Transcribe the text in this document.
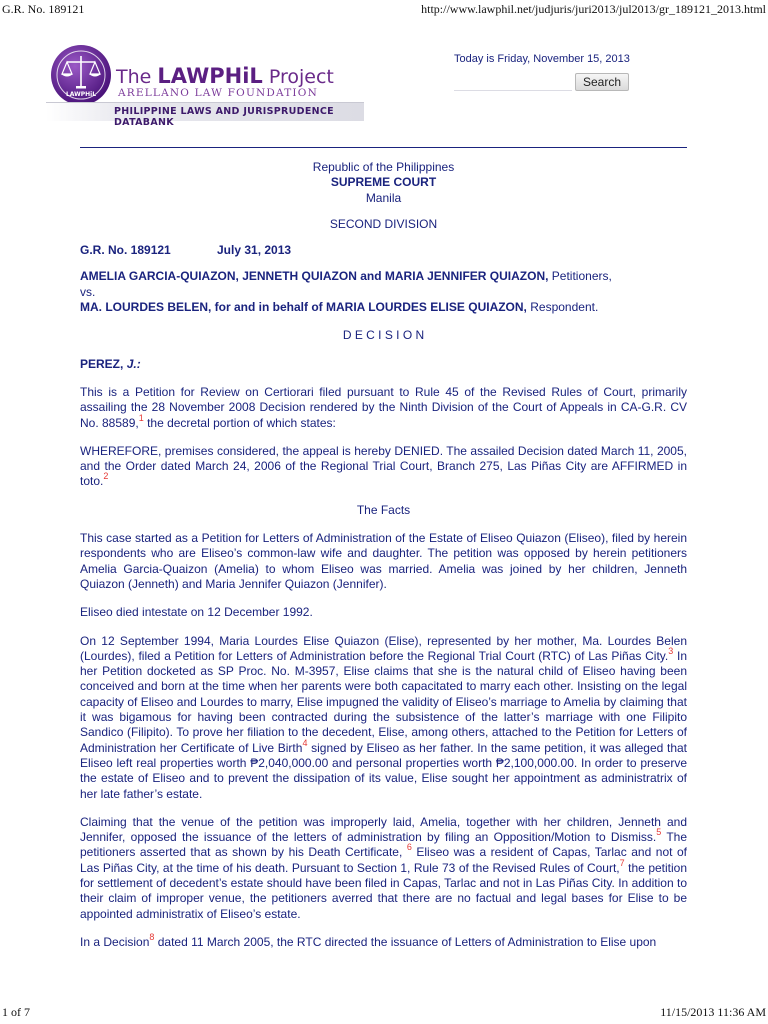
G.R. No. 189121	http://www.lawphil.net/judjuris/juri2013/jul2013/gr_189121_2013.html
LAWPHiL
The LAWPHiL Project
ARELLANO LAW FOUNDATION
PHILIPPINE LAWS AND JURISPRUDENCE DATABANK
Today is Friday, November 15, 2013
Search

Republic of the Philippines

SUPREME COURT

Manila

SECOND DIVISION

G.R. No. 189121	July 31, 2013

AMELIA GARCIA-QUIAZON, JENNETH QUIAZON and MARIA JENNIFER QUIAZON, Petitioners,

vs.

MA. LOURDES BELEN, for and in behalf of MARIA LOURDES ELISE QUIAZON, Respondent.

D E C I S I O N

PEREZ, J.:

This is a Petition for Review on Certiorari filed pursuant to Rule 45 of the Revised Rules of Court, primarily assailing the 28 November 2008 Decision rendered by the Ninth Division of the Court of Appeals in CA-G.R. CV No. 88589,$^1$ the decretal portion of which states:

WHEREFORE, premises considered, the appeal is hereby DENIED. The assailed Decision dated March 11, 2005, and the Order dated March 24, 2006 of the Regional Trial Court, Branch 275, Las Piñas City are AFFIRMED in toto.$^2$

The Facts

This case started as a Petition for Letters of Administration of the Estate of Eliseo Quiazon (Eliseo), filed by herein respondents who are Eliseo’s common-law wife and daughter. The petition was opposed by herein petitioners Amelia Garcia-Quaizon (Amelia) to whom Eliseo was married. Amelia was joined by her children, Jenneth Quiazon (Jenneth) and Maria Jennifer Quiazon (Jennifer).

Eliseo died intestate on 12 December 1992.

On 12 September 1994, Maria Lourdes Elise Quiazon (Elise), represented by her mother, Ma. Lourdes Belen (Lourdes), filed a Petition for Letters of Administration before the Regional Trial Court (RTC) of Las Piñas City.$^3$ In her Petition docketed as SP Proc. No. M-3957, Elise claims that she is the natural child of Eliseo having been conceived and born at the time when her parents were both capacitated to marry each other. Insisting on the legal capacity of Eliseo and Lourdes to marry, Elise impugned the validity of Eliseo’s marriage to Amelia by claiming that it was bigamous for having been contracted during the subsistence of the latter’s marriage with one Filipito Sandico (Filipito). To prove her filiation to the decedent, Elise, among others, attached to the Petition for Letters of Administration her Certificate of Live Birth$^4$ signed by Eliseo as her father. In the same petition, it was alleged that Eliseo left real properties worth ₱2,040,000.00 and personal properties worth ₱2,100,000.00. In order to preserve the estate of Eliseo and to prevent the dissipation of its value, Elise sought her appointment as administratrix of her late father’s estate.

Claiming that the venue of the petition was improperly laid, Amelia, together with her children, Jenneth and Jennifer, opposed the issuance of the letters of administration by filing an Opposition/Motion to Dismiss.$^5$ The petitioners asserted that as shown by his Death Certificate, $^6$ Eliseo was a resident of Capas, Tarlac and not of Las Piñas City, at the time of his death. Pursuant to Section 1, Rule 73 of the Revised Rules of Court,$^7$ the petition for settlement of decedent’s estate should have been filed in Capas, Tarlac and not in Las Piñas City. In addition to their claim of improper venue, the petitioners averred that there are no factual and legal bases for Elise to be appointed administratix of Eliseo’s estate.

In a Decision$^8$ dated 11 March 2005, the RTC directed the issuance of Letters of Administration to Elise upon

1 of 7	11/15/2013 11:36 AM
